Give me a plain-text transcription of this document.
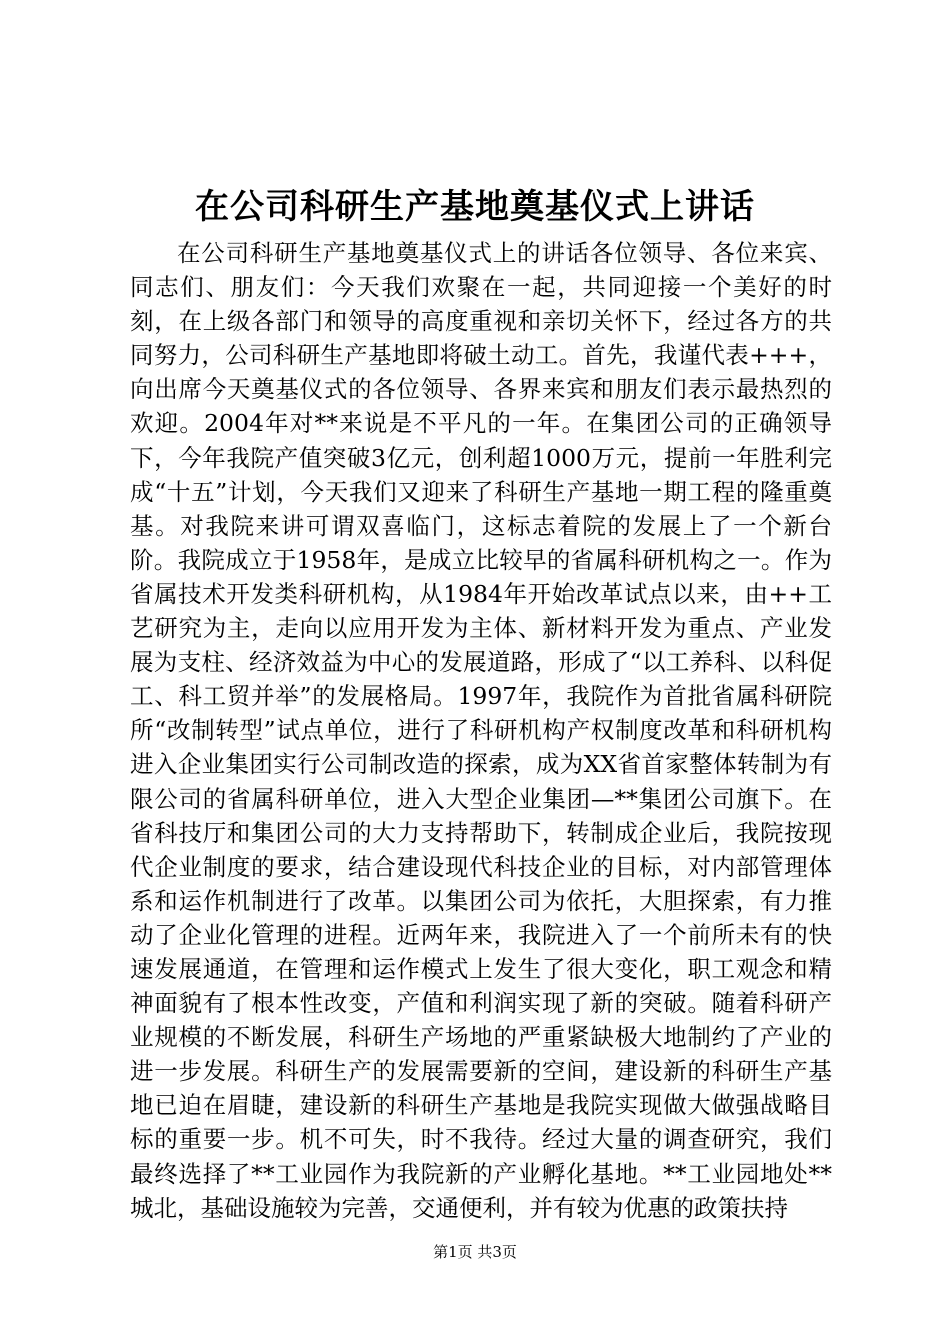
在公司科研生产基地奠基仪式上讲话

在公司科研生产基地奠基仪式上的讲话各位领导、各位来宾、同志们、朋友们：今天我们欢聚在一起，共同迎接一个美好的时刻，在上级各部门和领导的高度重视和亲切关怀下，经过各方的共同努力，公司科研生产基地即将破土动工。首先，我谨代表+++，向出席今天奠基仪式的各位领导、各界来宾和朋友们表示最热烈的欢迎。2004年对**来说是不平凡的一年。在集团公司的正确领导下，今年我院产值突破3亿元，创利超1000万元，提前一年胜利完成“十五”计划，今天我们又迎来了科研生产基地一期工程的隆重奠基。对我院来讲可谓双喜临门，这标志着院的发展上了一个新台阶。我院成立于1958年，是成立比较早的省属科研机构之一。作为省属技术开发类科研机构，从1984年开始改革试点以来，由++工艺研究为主，走向以应用开发为主体、新材料开发为重点、产业发展为支柱、经济效益为中心的发展道路，形成了“以工养科、以科促工、科工贸并举”的发展格局。1997年，我院作为首批省属科研院所“改制转型”试点单位，进行了科研机构产权制度改革和科研机构进入企业集团实行公司制改造的探索，成为XX省首家整体转制为有限公司的省属科研单位，进入大型企业集团—**集团公司旗下。在省科技厅和集团公司的大力支持帮助下，转制成企业后，我院按现代企业制度的要求，结合建设现代科技企业的目标，对内部管理体系和运作机制进行了改革。以集团公司为依托，大胆探索，有力推动了企业化管理的进程。近两年来，我院进入了一个前所未有的快速发展通道，在管理和运作模式上发生了很大变化，职工观念和精神面貌有了根本性改变，产值和利润实现了新的突破。随着科研产业规模的不断发展，科研生产场地的严重紧缺极大地制约了产业的进一步发展。科研生产的发展需要新的空间，建设新的科研生产基地已迫在眉睫，建设新的科研生产基地是我院实现做大做强战略目标的重要一步。机不可失，时不我待。经过大量的调查研究，我们最终选择了**工业园作为我院新的产业孵化基地。**工业园地处**城北，基础设施较为完善，交通便利，并有较为优惠的政策扶持

第1页 共3页
